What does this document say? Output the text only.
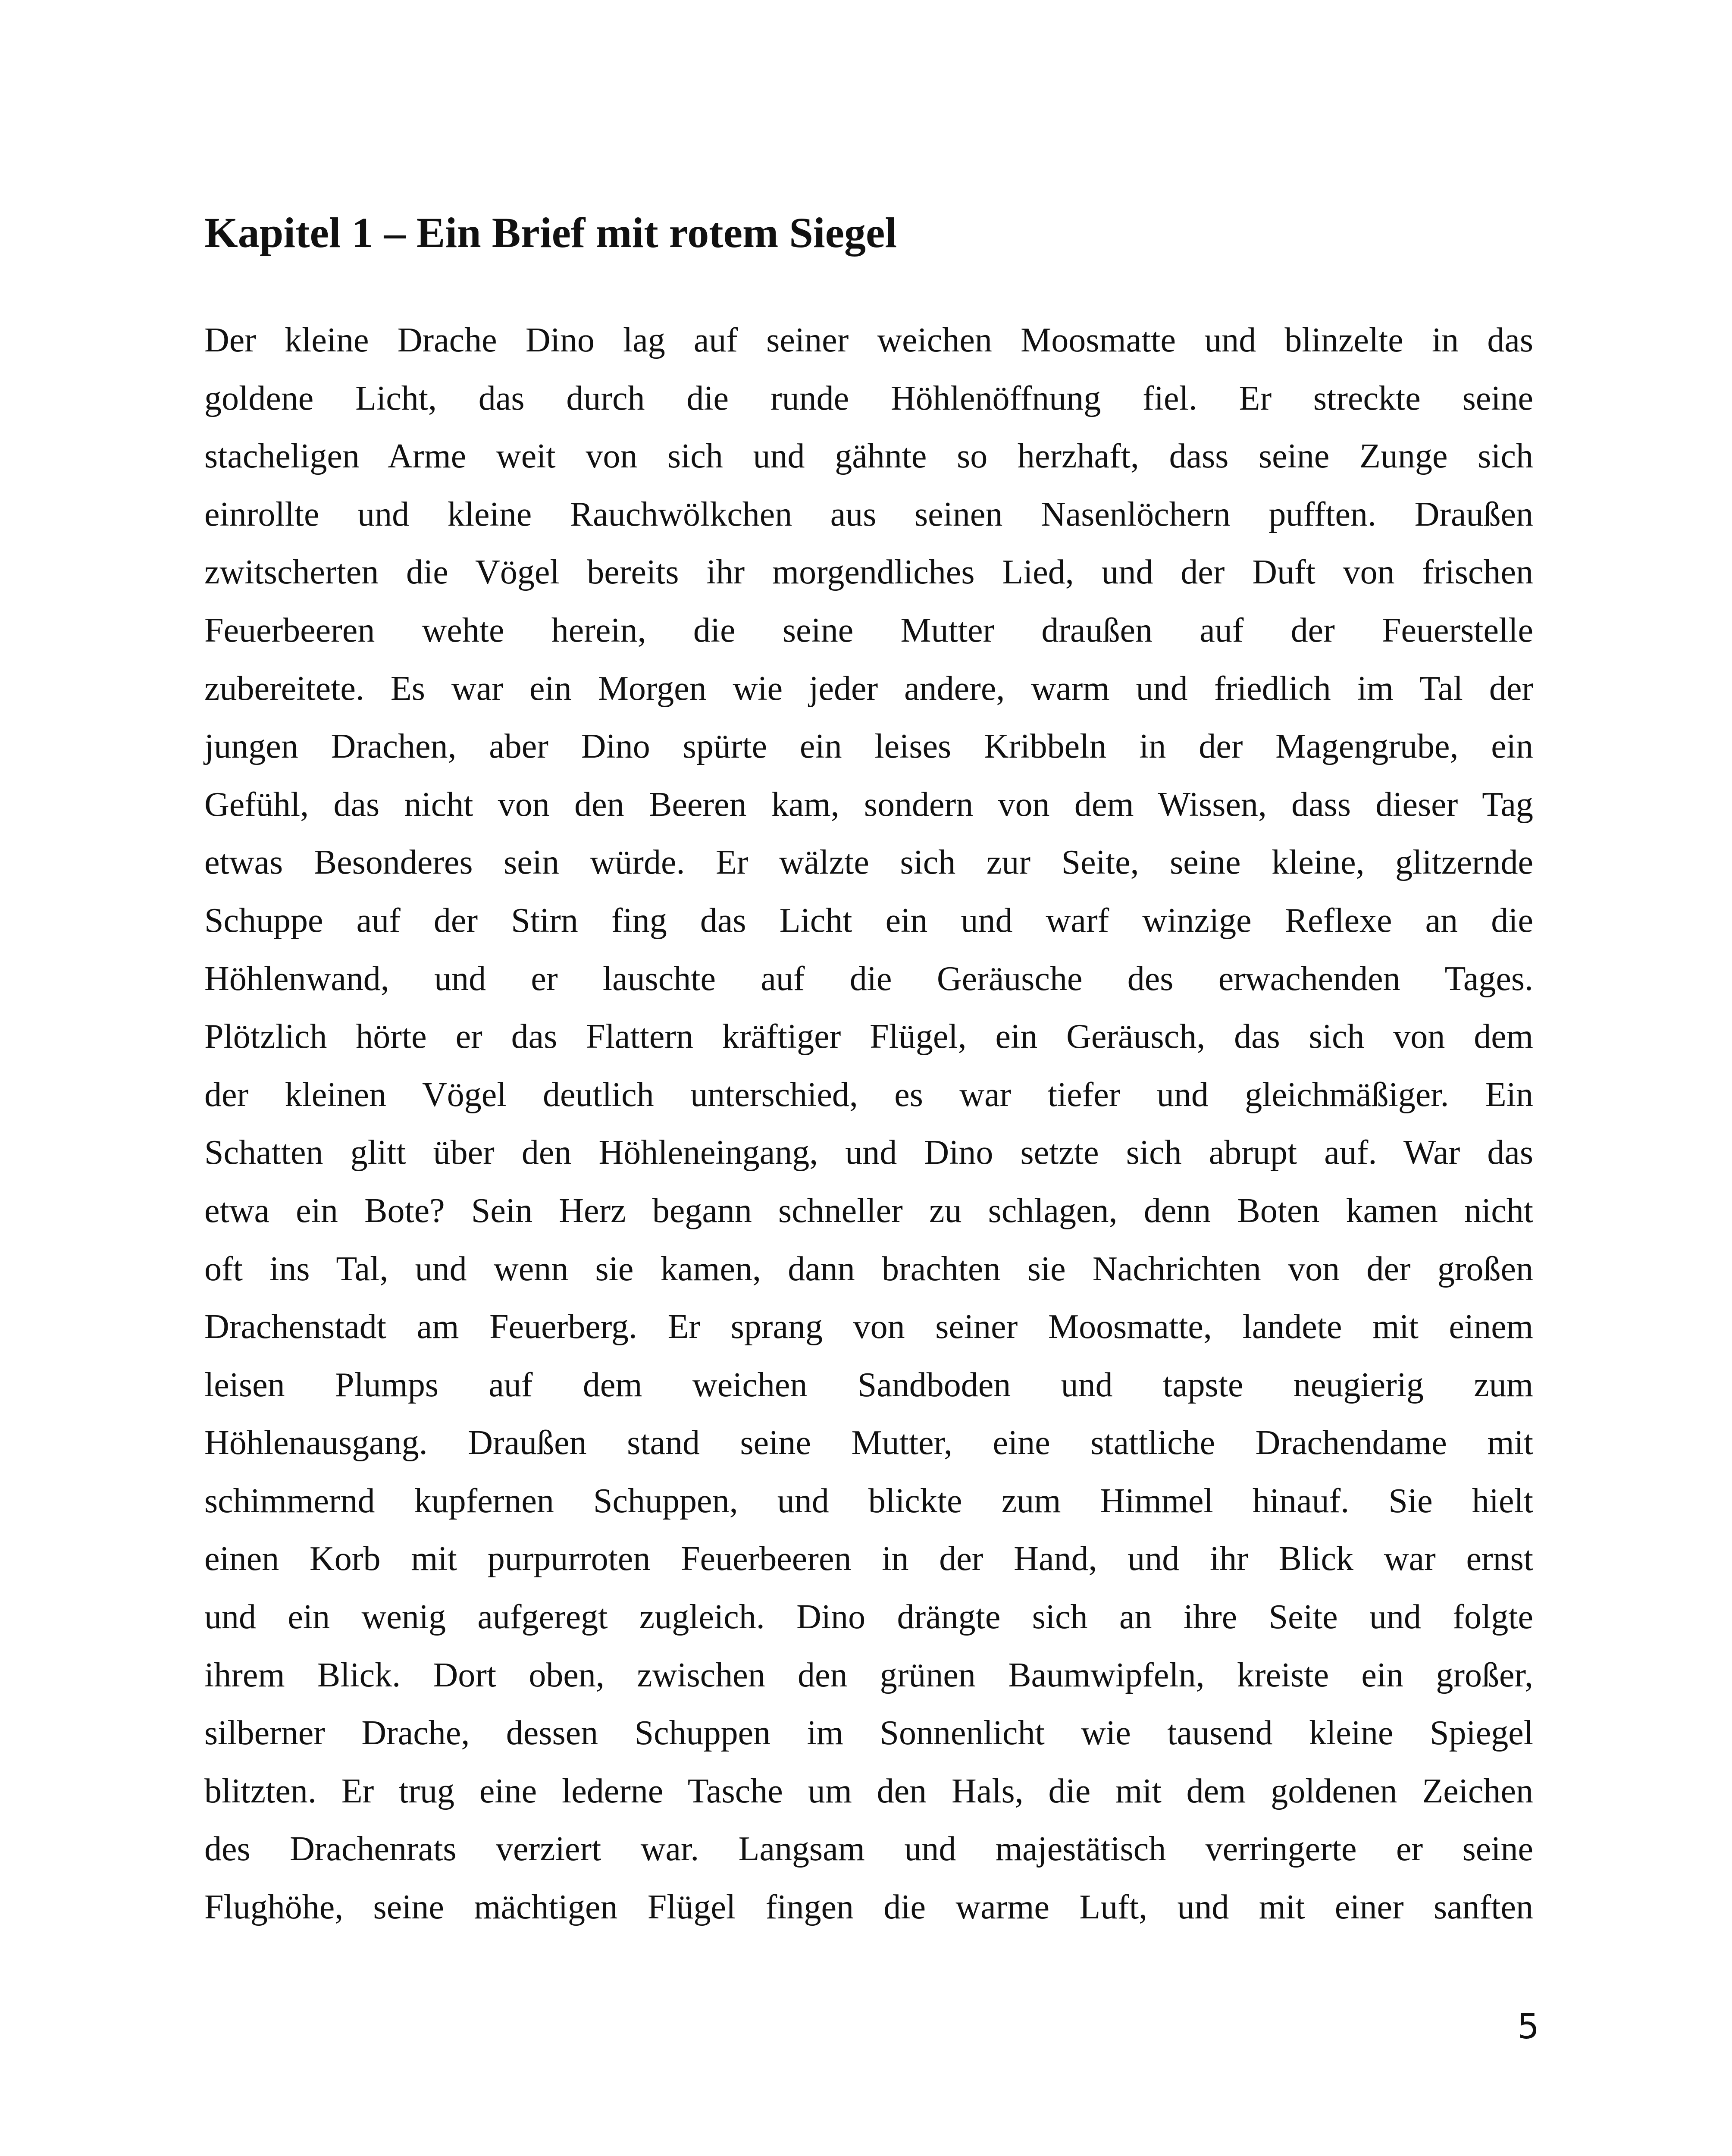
Kapitel 1 – Ein Brief mit rotem Siegel
Der kleine Drache Dino lag auf seiner weichen Moosmatte und blinzelte in das
goldene Licht, das durch die runde Höhlenöffnung fiel. Er streckte seine
stacheligen Arme weit von sich und gähnte so herzhaft, dass seine Zunge sich
einrollte und kleine Rauchwölkchen aus seinen Nasenlöchern pufften. Draußen
zwitscherten die Vögel bereits ihr morgendliches Lied, und der Duft von frischen
Feuerbeeren wehte herein, die seine Mutter draußen auf der Feuerstelle
zubereitete. Es war ein Morgen wie jeder andere, warm und friedlich im Tal der
jungen Drachen, aber Dino spürte ein leises Kribbeln in der Magengrube, ein
Gefühl, das nicht von den Beeren kam, sondern von dem Wissen, dass dieser Tag
etwas Besonderes sein würde. Er wälzte sich zur Seite, seine kleine, glitzernde
Schuppe auf der Stirn fing das Licht ein und warf winzige Reflexe an die
Höhlenwand, und er lauschte auf die Geräusche des erwachenden Tages.
Plötzlich hörte er das Flattern kräftiger Flügel, ein Geräusch, das sich von dem
der kleinen Vögel deutlich unterschied, es war tiefer und gleichmäßiger. Ein
Schatten glitt über den Höhleneingang, und Dino setzte sich abrupt auf. War das
etwa ein Bote? Sein Herz begann schneller zu schlagen, denn Boten kamen nicht
oft ins Tal, und wenn sie kamen, dann brachten sie Nachrichten von der großen
Drachenstadt am Feuerberg. Er sprang von seiner Moosmatte, landete mit einem
leisen Plumps auf dem weichen Sandboden und tapste neugierig zum
Höhlenausgang. Draußen stand seine Mutter, eine stattliche Drachendame mit
schimmernd kupfernen Schuppen, und blickte zum Himmel hinauf. Sie hielt
einen Korb mit purpurroten Feuerbeeren in der Hand, und ihr Blick war ernst
und ein wenig aufgeregt zugleich. Dino drängte sich an ihre Seite und folgte
ihrem Blick. Dort oben, zwischen den grünen Baumwipfeln, kreiste ein großer,
silberner Drache, dessen Schuppen im Sonnenlicht wie tausend kleine Spiegel
blitzten. Er trug eine lederne Tasche um den Hals, die mit dem goldenen Zeichen
des Drachenrats verziert war. Langsam und majestätisch verringerte er seine
Flughöhe, seine mächtigen Flügel fingen die warme Luft, und mit einer sanften
5
